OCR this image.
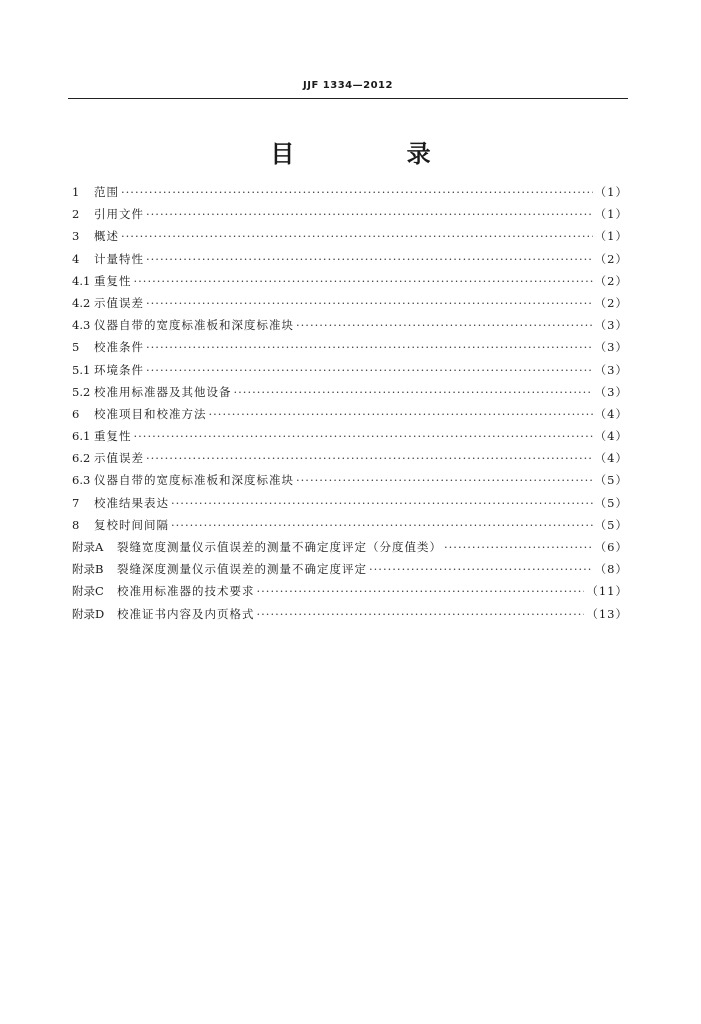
JJF 1334—2012
目 录
1	范围 ·····	（1）
2	引用文件 ·····	（1）
3	概述 ·····	（1）
4	计量特性 ·····	（2）
4.1 重复性 ·····	（2）
4.2 示值误差 ·····	（2）
4.3 仪器自带的宽度标准板和深度标准块 ·····	（3）
5	校准条件 ·····	（3）
5.1 环境条件 ·····	（3）
5.2 校准用标准器及其他设备 ·····	（3）
6	校准项目和校准方法 ·····	（4）
6.1 重复性 ·····	（4）
6.2 示值误差 ·····	（4）
6.3 仪器自带的宽度标准板和深度标准块 ·····	（5）
7	校准结果表达 ·····	（5）
8	复校时间间隔 ·····	（5）
附录A	裂缝宽度测量仪示值误差的测量不确定度评定（分度值类） ·····	（6）
附录B	裂缝深度测量仪示值误差的测量不确定度评定 ·····	（8）
附录C	校准用标准器的技术要求 ·····	（11）
附录D	校准证书内容及内页格式 ·····	（13）
